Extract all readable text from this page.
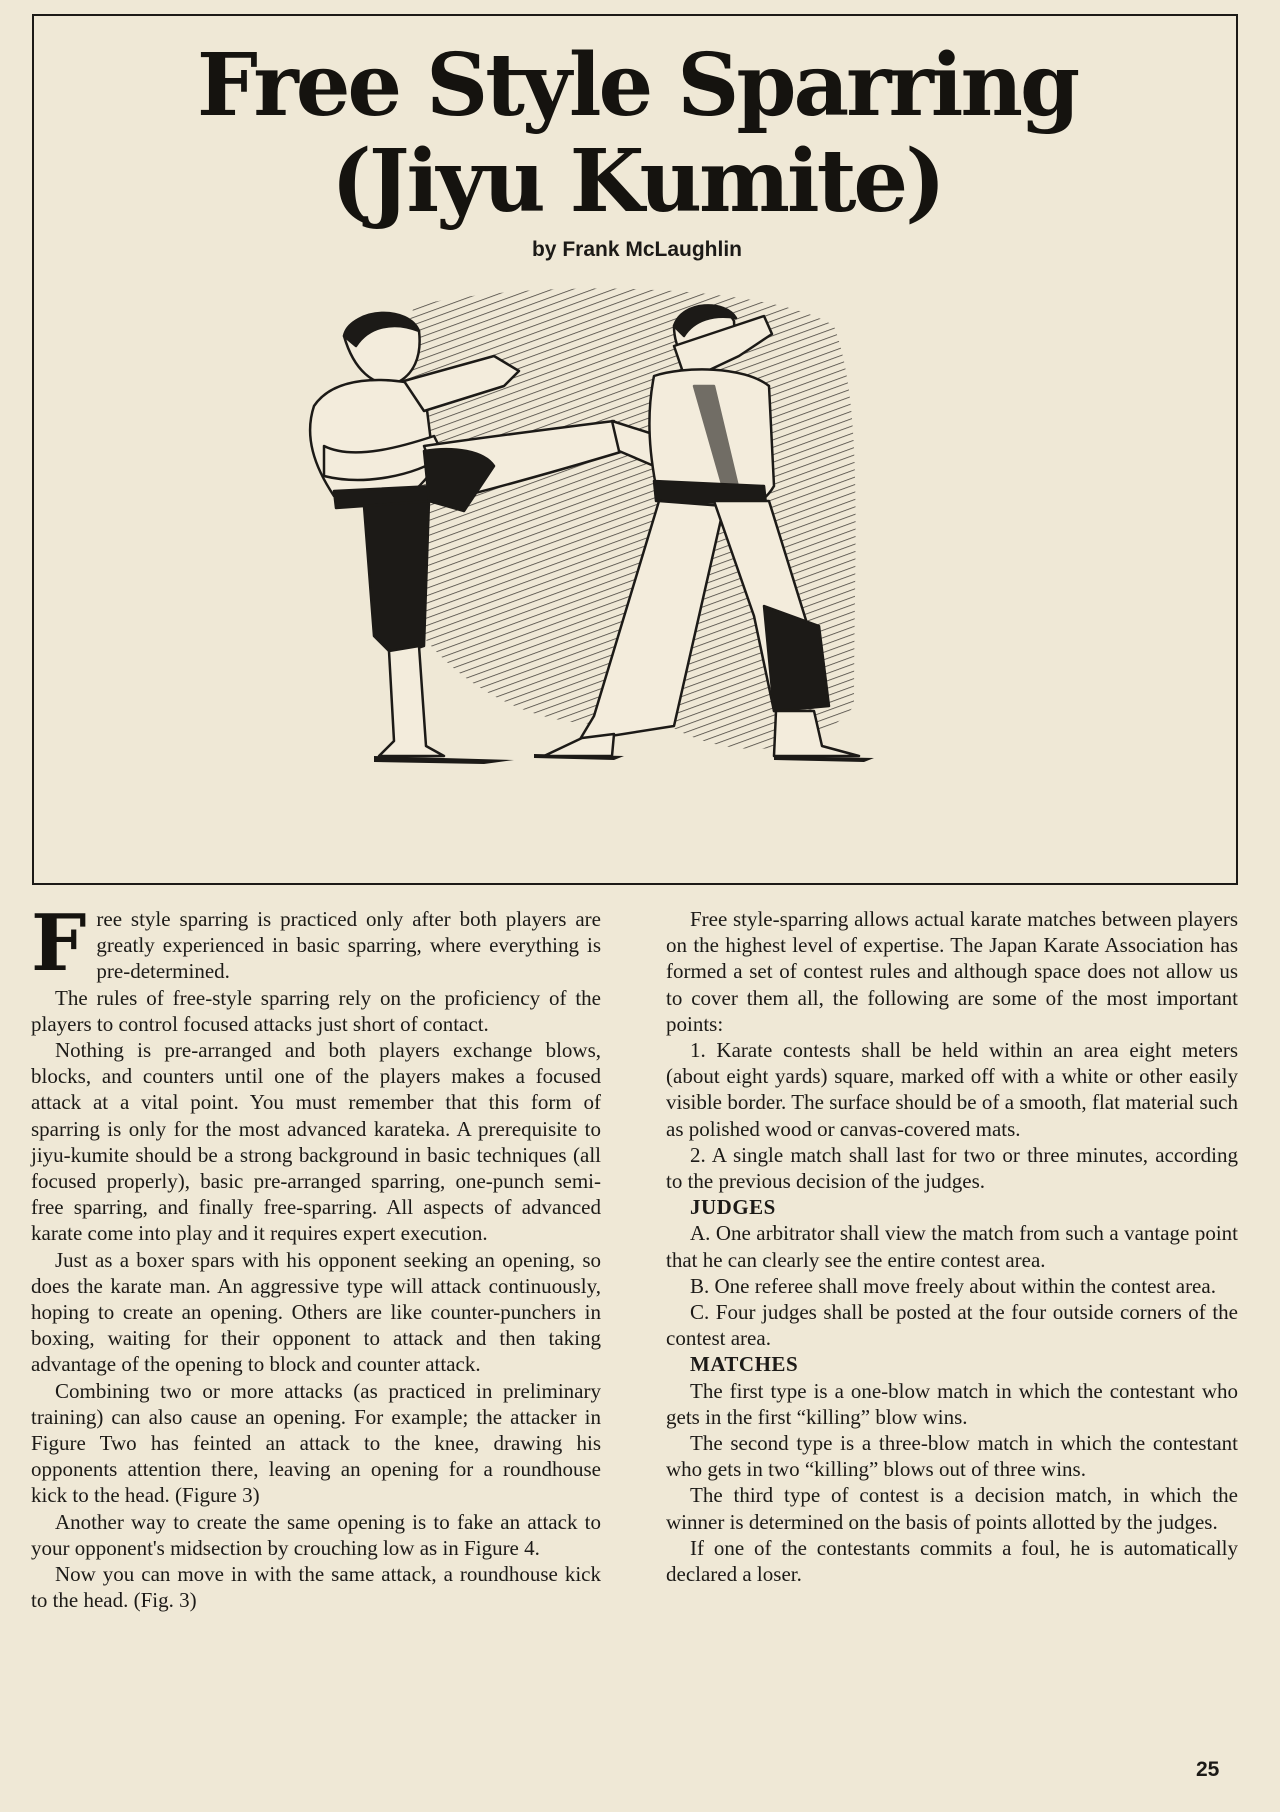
Free Style Sparring
(Jiyu Kumite)
by Frank McLaughlin
F ree style sparring is practiced only after both players are greatly experienced in basic sparring, where everything is pre-determined.

The rules of free-style sparring rely on the proficiency of the players to control focused attacks just short of contact.

Nothing is pre-arranged and both players exchange blows, blocks, and counters until one of the players makes a focused attack at a vital point. You must remember that this form of sparring is only for the most advanced karateka. A prerequisite to jiyu-kumite should be a strong background in basic techniques (all focused properly), basic pre-arranged sparring, one-punch semi-free sparring, and finally free-sparring. All aspects of advanced karate come into play and it requires expert execution.

Just as a boxer spars with his opponent seeking an opening, so does the karate man. An aggressive type will attack continuously, hoping to create an opening. Others are like counter-punchers in boxing, waiting for their opponent to attack and then taking advantage of the opening to block and counter attack.

Combining two or more attacks (as practiced in preliminary training) can also cause an opening. For example; the attacker in Figure Two has feinted an attack to the knee, drawing his opponents attention there, leaving an opening for a roundhouse kick to the head. (Figure 3)

Another way to create the same opening is to fake an attack to your opponent's midsection by crouching low as in Figure 4.

Now you can move in with the same attack, a roundhouse kick to the head. (Fig. 3)

Free style-sparring allows actual karate matches between players on the highest level of expertise. The Japan Karate Association has formed a set of contest rules and although space does not allow us to cover them all, the following are some of the most important points:

1. Karate contests shall be held within an area eight meters (about eight yards) square, marked off with a white or other easily visible border. The surface should be of a smooth, flat material such as polished wood or canvas-covered mats.

2. A single match shall last for two or three minutes, according to the previous decision of the judges.

JUDGES

A. One arbitrator shall view the match from such a vantage point that he can clearly see the entire contest area.

B. One referee shall move freely about within the contest area.

C. Four judges shall be posted at the four outside corners of the contest area.

MATCHES

The first type is a one-blow match in which the contestant who gets in the first “killing” blow wins.

The second type is a three-blow match in which the contestant who gets in two “killing” blows out of three wins.

The third type of contest is a decision match, in which the winner is determined on the basis of points allotted by the judges.

If one of the contestants commits a foul, he is automatically declared a loser.

25
